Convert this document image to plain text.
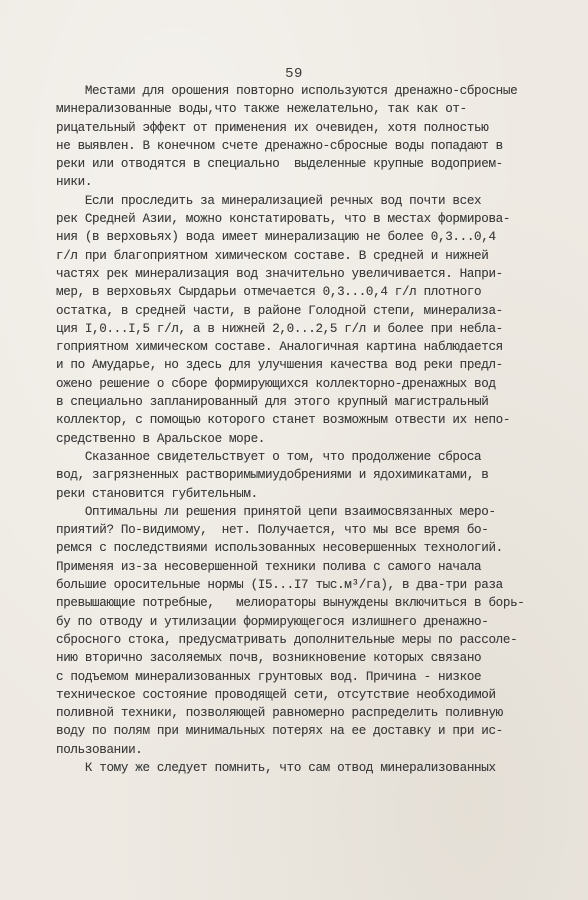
59
Местами для орошения повторно используются дренажно-сбросные
минерализованные воды,что также нежелательно, так как от-
рицательный эффект от применения их очевиден, хотя полностью
не выявлен. В конечном счете дренажно-сбросные воды попадают в
реки или отводятся в специально  выделенные крупные водоприем-
ники.
Если проследить за минерализацией речных вод почти всех
рек Средней Азии, можно констатировать, что в местах формирова-
ния (в верховьях) вода имеет минерализацию не более 0,3...0,4
г/л при благоприятном химическом составе. В средней и нижней
частях рек минерализация вод значительно увеличивается. Напри-
мер, в верховьях Сырдарьи отмечается 0,3...0,4 г/л плотного
остатка, в средней части, в районе Голодной степи, минерализа-
ция I,0...I,5 г/л, а в нижней 2,0...2,5 г/л и более при небла-
гоприятном химическом составе. Аналогичная картина наблюдается
и по Амударье, но здесь для улучшения качества вод реки предл-
ожено решение о сборе формирующихся коллекторно-дренажных вод
в специально запланированный для этого крупный магистральный
коллектор, с помощью которого станет возможным отвести их непо-
средственно в Аральское море.
Сказанное свидетельствует о том, что продолжение сброса
вод, загрязненных растворимымиудобрениями и ядохимикатами, в
реки становится губительным.
Оптимальны ли решения принятой цепи взаимосвязанных меро-
приятий? По-видимому,  нет. Получается, что мы все время бо-
ремся с последствиями использованных несовершенных технологий.
Применяя из-за несовершенной техники полива с самого начала
большие оросительные нормы (I5...I7 тыс.м³/га), в два-три раза
превышающие потребные,   мелиораторы вынуждены включиться в борь-
бу по отводу и утилизации формирующегося излишнего дренажно-
сбросного стока, предусматривать дополнительные меры по рассоле-
нию вторично засоляемых почв, возникновение которых связано
с подъемом минерализованных грунтовых вод. Причина - низкое
техническое состояние проводящей сети, отсутствие необходимой
поливной техники, позволяющей равномерно распределить поливную
воду по полям при минимальных потерях на ее доставку и при ис-
пользовании.
К тому же следует помнить, что сам отвод минерализованных
